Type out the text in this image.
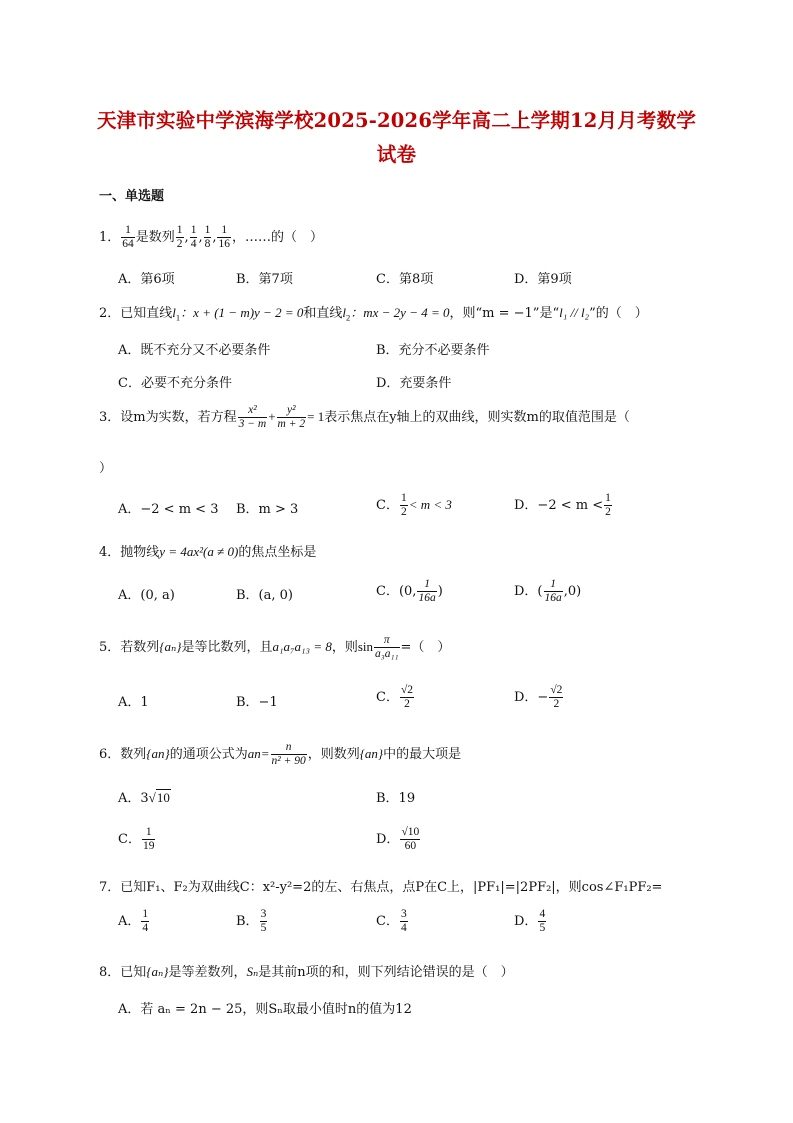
天津市实验中学滨海学校2025-2026学年高二上学期12月月考数学试卷
一、单选题
1． $\frac{1}{64}$ 是数列 $\frac{1}{2}$ , $\frac{1}{4}$ , $\frac{1}{8}$ , $\frac{1}{16}$ ，……的（　）
A．第6项	B．第7项	C．第8项	D．第9项
2．已知直线$l_1$：x + (1 − m)y − 2 = 0和直线$l_2$：mx − 2y − 4 = 0，则“m = −1”是“l₁ // l₂”的（　）
A．既不充分又不必要条件	B．充分不必要条件
C．必要不充分条件	D．充要条件
3．设m为实数，若方程 $\frac{\text{x²}}{3 - m} + \frac{\text{y²}}{m + 2} = 1$表示焦点在y轴上的双曲线，则实数m的取值范围是（
）
A．−2 < m < 3 B．m > 3	C． $\frac{1}{2} < m < 3$	D．$-2 < m < \frac{1}{2}$
4．抛物线y = 4ax²(a ≠ 0)的焦点坐标是
A．(0, a)	B．(a, 0)	C．(0, $\frac{1}{16a}$ )	D．( $\frac{1}{16a} ,0$)
5．若数列{aₙ}是等比数列，且a₁a₇a₁₃ = 8，则$\sin \frac{\pi}{\text{a₃a₁₁}}$ =（　）
A．1	B．−1	C． $\frac{√2}{2}$	D．− $\frac{√2}{2}$
6．数列{an}的通项公式为$an= \frac{n}{\text{n² + 90}}$ ，则数列{an}中的最大项是
A．3√10	B．19
C． $\frac{1}{19}$	D． $\frac{√10}{60}$
7．已知F₁、F₂为双曲线C：x²-y²=2的左、右焦点，点P在C上，|PF₁|=|2PF₂|，则cos∠F₁PF₂=
A． $\frac{1}{4}$	B． $\frac{3}{5}$	C． $\frac{3}{4}$	D． $\frac{4}{5}$
8．已知{aₙ}是等差数列，Sₙ是其前n项的和，则下列结论错误的是（　）
A．若 aₙ = 2n − 25，则Sₙ取最小值时n的值为12
